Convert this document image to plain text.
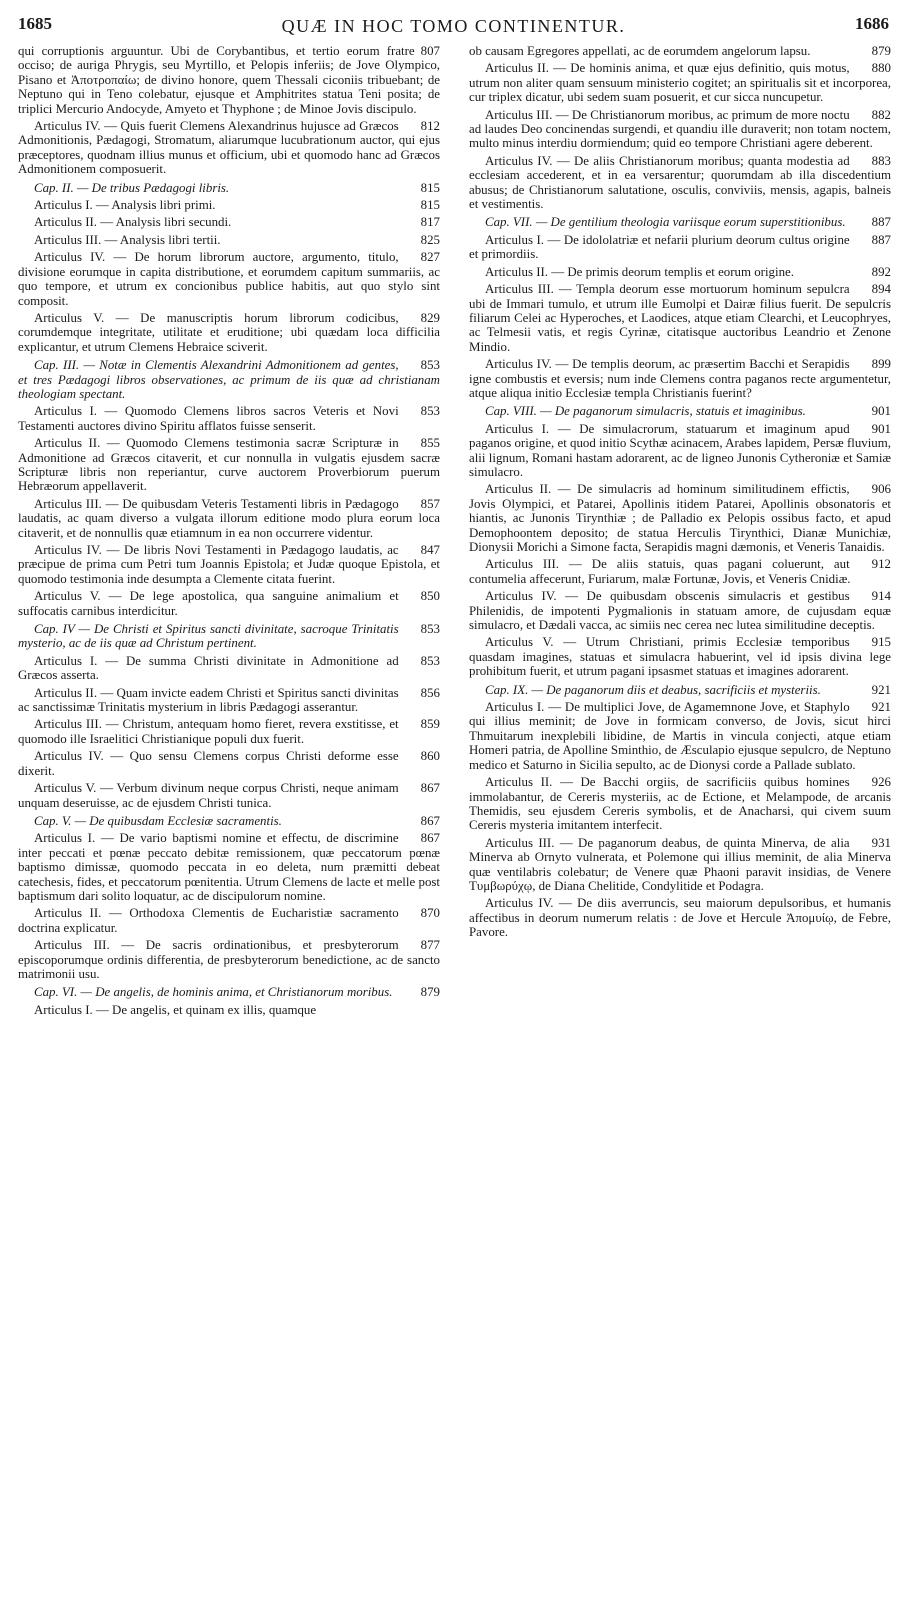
1685	QUÆ IN HOC TOMO CONTINENTUR.	1686

807
qui corruptionis arguuntur. Ubi de Corybantibus, et tertio eorum fratre occiso; de auriga Phrygis, seu Myrtillo, et Pelopis inferiis; de Jove Olympico, Pisano et Ἀποτροπαίω; de divino honore, quem Thessali ciconiis tribuebant; de Neptuno qui in Teno colebatur, ejusque et Amphitrites statua Teni posita; de triplici Mercurio Andocyde, Amyeto et Thyphone ; de Minoe Jovis discipulo.

812
Articulus IV. — Quis fuerit Clemens Alexandrinus hujusce ad Græcos Admonitionis, Pædagogi, Stromatum, aliarumque lucubrationum auctor, qui ejus præceptores, quodnam illius munus et officium, ubi et quomodo hanc ad Græcos Admonitionem composuerit.

815
Cap. II. — De tribus Pædagogi libris.

815
Articulus I. — Analysis libri primi.

817
Articulus II. — Analysis libri secundi.

825
Articulus III. — Analysis libri tertii.

827
Articulus IV. — De horum librorum auctore, argumento, titulo, divisione eorumque in capita distributione, et eorumdem capitum summariis, ac quo tempore, et utrum ex concionibus publice habitis, aut quo stylo sint composit.

829
Articulus V. — De manuscriptis horum librorum codicibus, corumdemque integritate, utilitate et eruditione; ubi quædam loca difficilia explicantur, et utrum Clemens Hebraice sciverit.

853
Cap. III. — Notæ in Clementis Alexandrini Admonitionem ad gentes, et tres Pædagogi libros observationes, ac primum de iis quæ ad christianam theologiam spectant.

853
Articulus I. — Quomodo Clemens libros sacros Veteris et Novi Testamenti auctores divino Spiritu afflatos fuisse senserit.

855
Articulus II. — Quomodo Clemens testimonia sacræ Scripturæ in Admonitione ad Græcos citaverit, et cur nonnulla in vulgatis ejusdem sacræ Scripturæ libris non reperiantur, curve auctorem Proverbiorum puerum Hebræorum appellaverit.

857
Articulus III. — De quibusdam Veteris Testamenti libris in Pædagogo laudatis, ac quam diverso a vulgata illorum editione modo plura eorum loca citaverit, et de nonnullis quæ etiamnum in ea non occurrere videntur.

847
Articulus IV. — De libris Novi Testamenti in Pædagogo laudatis, ac præcipue de prima cum Petri tum Joannis Epistola; et Judæ quoque Epistola, et quomodo testimonia inde desumpta a Clemente citata fuerint.

850
Articulus V. — De lege apostolica, qua sanguine animalium et suffocatis carnibus interdicitur.

853
Cap. IV — De Christi et Spiritus sancti divinitate, sacroque Trinitatis mysterio, ac de iis quæ ad Christum pertinent.

853
Articulus I. — De summa Christi divinitate in Admonitione ad Græcos asserta.

856
Articulus II. — Quam invicte eadem Christi et Spiritus sancti divinitas ac sanctissimæ Trinitatis mysterium in libris Pædagogi asserantur.

859
Articulus III. — Christum, antequam homo fieret, revera exstitisse, et quomodo ille Israelitici Christianique populi dux fuerit.

860
Articulus IV. — Quo sensu Clemens corpus Christi deforme esse dixerit.

867
Articulus V. — Verbum divinum neque corpus Christi, neque animam unquam deseruisse, ac de ejusdem Christi tunica.

867
Cap. V. — De quibusdam Ecclesiæ sacramentis.

867
Articulus I. — De vario baptismi nomine et effectu, de discrimine inter peccati et pœnæ peccato debitæ remissionem, quæ peccatorum pœnæ baptismo dimissæ, quomodo peccata in eo deleta, num præmitti debeat catechesis, fides, et peccatorum pœnitentia. Utrum Clemens de lacte et melle post baptismum dari solito loquatur, ac de discipulorum nomine.

870
Articulus II. — Orthodoxa Clementis de Eucharistiæ sacramento doctrina explicatur.

877
Articulus III. — De sacris ordinationibus, et presbyterorum episcoporumque ordinis differentia, de presbyterorum benedictione, ac de sancto matrimonii usu.

879
Cap. VI. — De angelis, de hominis anima, et Christianorum moribus.

Articulus I. — De angelis, et quinam ex illis, quamque

879
ob causam Egregores appellati, ac de eorumdem angelorum lapsu.

880
Articulus II. — De hominis anima, et quæ ejus definitio, quis motus, utrum non aliter quam sensuum ministerio cogitet; an spiritualis sit et incorporea, cur triplex dicatur, ubi sedem suam posuerit, et cur sicca nuncupetur.

882
Articulus III. — De Christianorum moribus, ac primum de more noctu ad laudes Deo concinendas surgendi, et quandiu ille duraverit; non totam noctem, multo minus interdiu dormiendum; quid eo tempore Christiani agere deberent.

883
Articulus IV. — De aliis Christianorum moribus; quanta modestia ad ecclesiam accederent, et in ea versarentur; quorumdam ab illa discedentium abusus; de Christianorum salutatione, osculis, conviviis, mensis, agapis, balneis et vestimentis.

887
Cap. VII. — De gentilium theologia variisque eorum superstitionibus.

887
Articulus I. — De idololatriæ et nefarii plurium deorum cultus origine et primordiis.

892
Articulus II. — De primis deorum templis et eorum origine.

894
Articulus III. — Templa deorum esse mortuorum hominum sepulcra ubi de Immari tumulo, et utrum ille Eumolpi et Dairæ filius fuerit. De sepulcris filiarum Celei ac Hyperoches, et Laodices, atque etiam Clearchi, et Leucophryes, ac Telmesii vatis, et regis Cyrinæ, citatisque auctoribus Leandrio et Zenone Mindio.

899
Articulus IV. — De templis deorum, ac præsertim Bacchi et Serapidis igne combustis et eversis; num inde Clemens contra paganos recte argumentetur, atque aliqua initio Ecclesiæ templa Christianis fuerint?

901
Cap. VIII. — De paganorum simulacris, statuis et imaginibus.

901
Articulus I. — De simulacrorum, statuarum et imaginum apud paganos origine, et quod initio Scythæ acinacem, Arabes lapidem, Persæ fluvium, alii lignum, Romani hastam adorarent, ac de ligneo Junonis Cytheroniæ et Samiæ simulacro.

906
Articulus II. — De simulacris ad hominum similitudinem effictis, Jovis Olympici, et Patarei, Apollinis itidem Patarei, Apollinis obsonatoris et hiantis, ac Junonis Tirynthiæ ; de Palladio ex Pelopis ossibus facto, et apud Demophoontem deposito; de statua Herculis Tirynthici, Dianæ Munichiæ, Dionysii Morichi a Simone facta, Serapidis magni dæmonis, et Veneris Tanaidis.

912
Articulus III. — De aliis statuis, quas pagani coluerunt, aut contumelia affecerunt, Furiarum, malæ Fortunæ, Jovis, et Veneris Cnidiæ.

914
Articulus IV. — De quibusdam obscenis simulacris et gestibus Philenidis, de impotenti Pygmalionis in statuam amore, de cujusdam equæ simulacro, et Dædali vacca, ac simiis nec cerea nec lutea similitudine deceptis.

915
Articulus V. — Utrum Christiani, primis Ecclesiæ temporibus quasdam imagines, statuas et simulacra habuerint, vel id ipsis divina lege prohibitum fuerit, et utrum pagani ipsasmet statuas et imagines adorarent.

921
Cap. IX. — De paganorum diis et deabus, sacrificiis et mysteriis.

921
Articulus I. — De multiplici Jove, de Agamemnone Jove, et Staphylo qui illius meminit; de Jove in formicam converso, de Jovis, sicut hirci Thmuitarum inexplebili libidine, de Martis in vincula conjecti, atque etiam Homeri patria, de Apolline Sminthio, de Æsculapio ejusque sepulcro, de Neptuno medico et Saturno in Sicilia sepulto, ac de Dionysi corde a Pallade sublato.

926
Articulus II. — De Bacchi orgiis, de sacrificiis quibus homines immolabantur, de Cereris mysteriis, ac de Ectione, et Melampode, de arcanis Themidis, seu ejusdem Cereris symbolis, et de Anacharsi, qui civem suum Cereris mysteria imitantem interfecit.

931
Articulus III. — De paganorum deabus, de quinta Minerva, de alia Minerva ab Ornyto vulnerata, et Polemone qui illius meminit, de alia Minerva quæ ventilabris colebatur; de Venere quæ Phaoni paravit insidias, de Venere Τυμβωρύχῳ, de Diana Chelitide, Condylitide et Podagra.

Articulus IV. — De diis averruncis, seu maiorum depulsoribus, et humanis affectibus in deorum numerum relatis : de Jove et Hercule Ἀπομυίῳ, de Febre, Pavore.
